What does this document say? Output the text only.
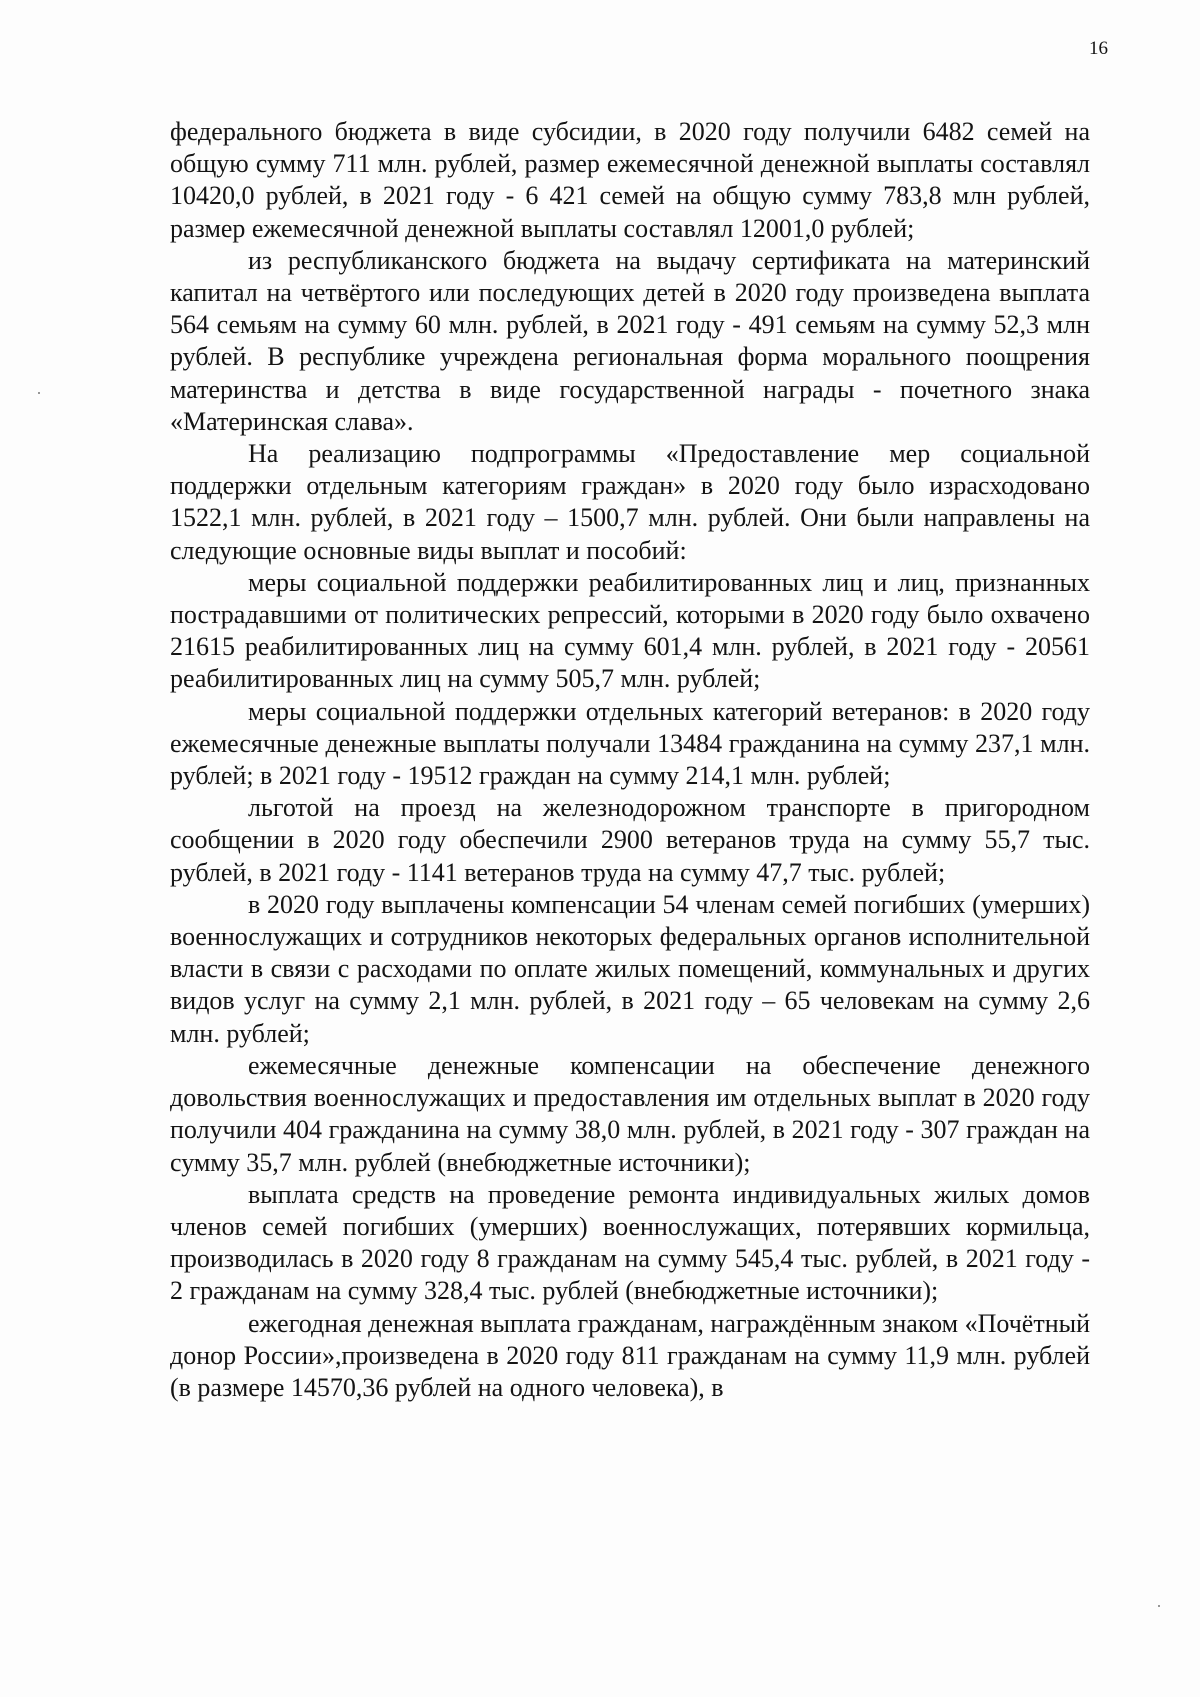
16

федерального бюджета в виде субсидии, в 2020 году получили 6482 семей на общую сумму 711 млн. рублей, размер ежемесячной денежной выплаты составлял 10420,0 рублей, в 2021 году - 6 421 семей на общую сумму 783,8 млн рублей, размер ежемесячной денежной выплаты составлял 12001,0 рублей;

из республиканского бюджета на выдачу сертификата на материнский капитал на четвёртого или последующих детей в 2020 году произведена выплата 564 семьям на сумму 60 млн. рублей, в 2021 году - 491 семьям на сумму 52,3 млн рублей. В республике учреждена региональная форма морального поощрения материнства и детства в виде государственной награды - почетного знака «Материнская слава».

На реализацию подпрограммы «Предоставление мер социальной поддержки отдельным категориям граждан» в 2020 году было израсходовано 1522,1 млн. рублей, в 2021 году – 1500,7 млн. рублей. Они были направлены на следующие основные виды выплат и пособий:

меры социальной поддержки реабилитированных лиц и лиц, признанных пострадавшими от политических репрессий, которыми в 2020 году было охвачено 21615 реабилитированных лиц на сумму 601,4 млн. рублей, в 2021 году - 20561 реабилитированных лиц на сумму 505,7 млн. рублей;

меры социальной поддержки отдельных категорий ветеранов: в 2020 году ежемесячные денежные выплаты получали 13484 гражданина на сумму 237,1 млн. рублей; в 2021 году - 19512 граждан на сумму 214,1 млн. рублей;

льготой на проезд на железнодорожном транспорте в пригородном сообщении в 2020 году обеспечили 2900 ветеранов труда на сумму 55,7 тыс. рублей, в 2021 году - 1141 ветеранов труда на сумму 47,7 тыс. рублей;

в 2020 году выплачены компенсации 54 членам семей погибших (умерших) военнослужащих и сотрудников некоторых федеральных органов исполнительной власти в связи с расходами по оплате жилых помещений, коммунальных и других видов услуг на сумму 2,1 млн. рублей, в 2021 году – 65 человекам на сумму 2,6 млн. рублей;

ежемесячные денежные компенсации на обеспечение денежного довольствия военнослужащих и предоставления им отдельных выплат в 2020 году получили 404 гражданина на сумму 38,0 млн. рублей, в 2021 году - 307 граждан на сумму 35,7 млн. рублей (внебюджетные источники);

выплата средств на проведение ремонта индивидуальных жилых домов членов семей погибших (умерших) военнослужащих, потерявших кормильца, производилась в 2020 году 8 гражданам на сумму 545,4 тыс. рублей, в 2021 году - 2 гражданам на сумму 328,4 тыс. рублей (внебюджетные источники);

ежегодная денежная выплата гражданам, награждённым знаком «Почётный донор России»,произведена в 2020 году 811 гражданам на сумму 11,9 млн. рублей (в размере 14570,36 рублей на одного человека), в
